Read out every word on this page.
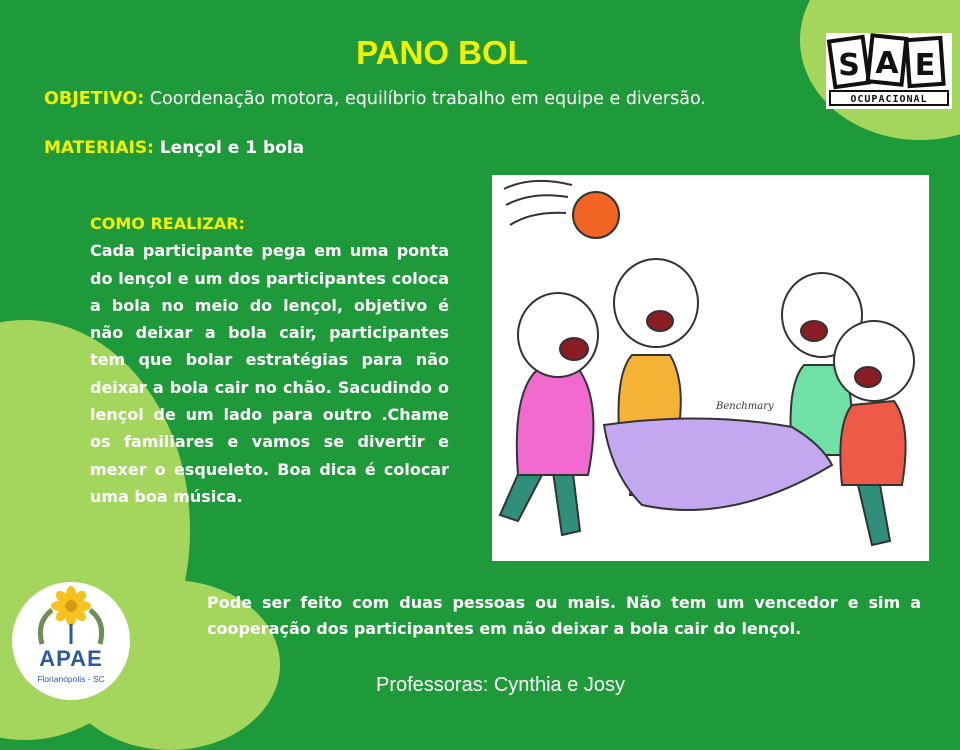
PANO BOL
OBJETIVO: Coordenação motora, equilíbrio trabalho em equipe e diversão.
MATERIAIS: Lençol e 1 bola
COMO REALIZAR:
Cada participante pega em uma ponta do lençol e um dos participantes coloca a bola no meio do lençol, objetivo é não deixar a bola cair, participantes tem que bolar estratégias para não deixar a bola cair no chão. Sacudindo o lençol de um lado para outro .Chame os familiares e vamos se divertir e mexer o esqueleto. Boa dica é colocar uma boa música.
Benchmary
Pode ser feito com duas pessoas ou mais. Não tem um vencedor e sim a cooperação dos participantes em não deixar a bola cair do lençol.
Professoras: Cynthia e Josy
S A E
OCUPACIONAL
APAE
Florianópolis - SC
